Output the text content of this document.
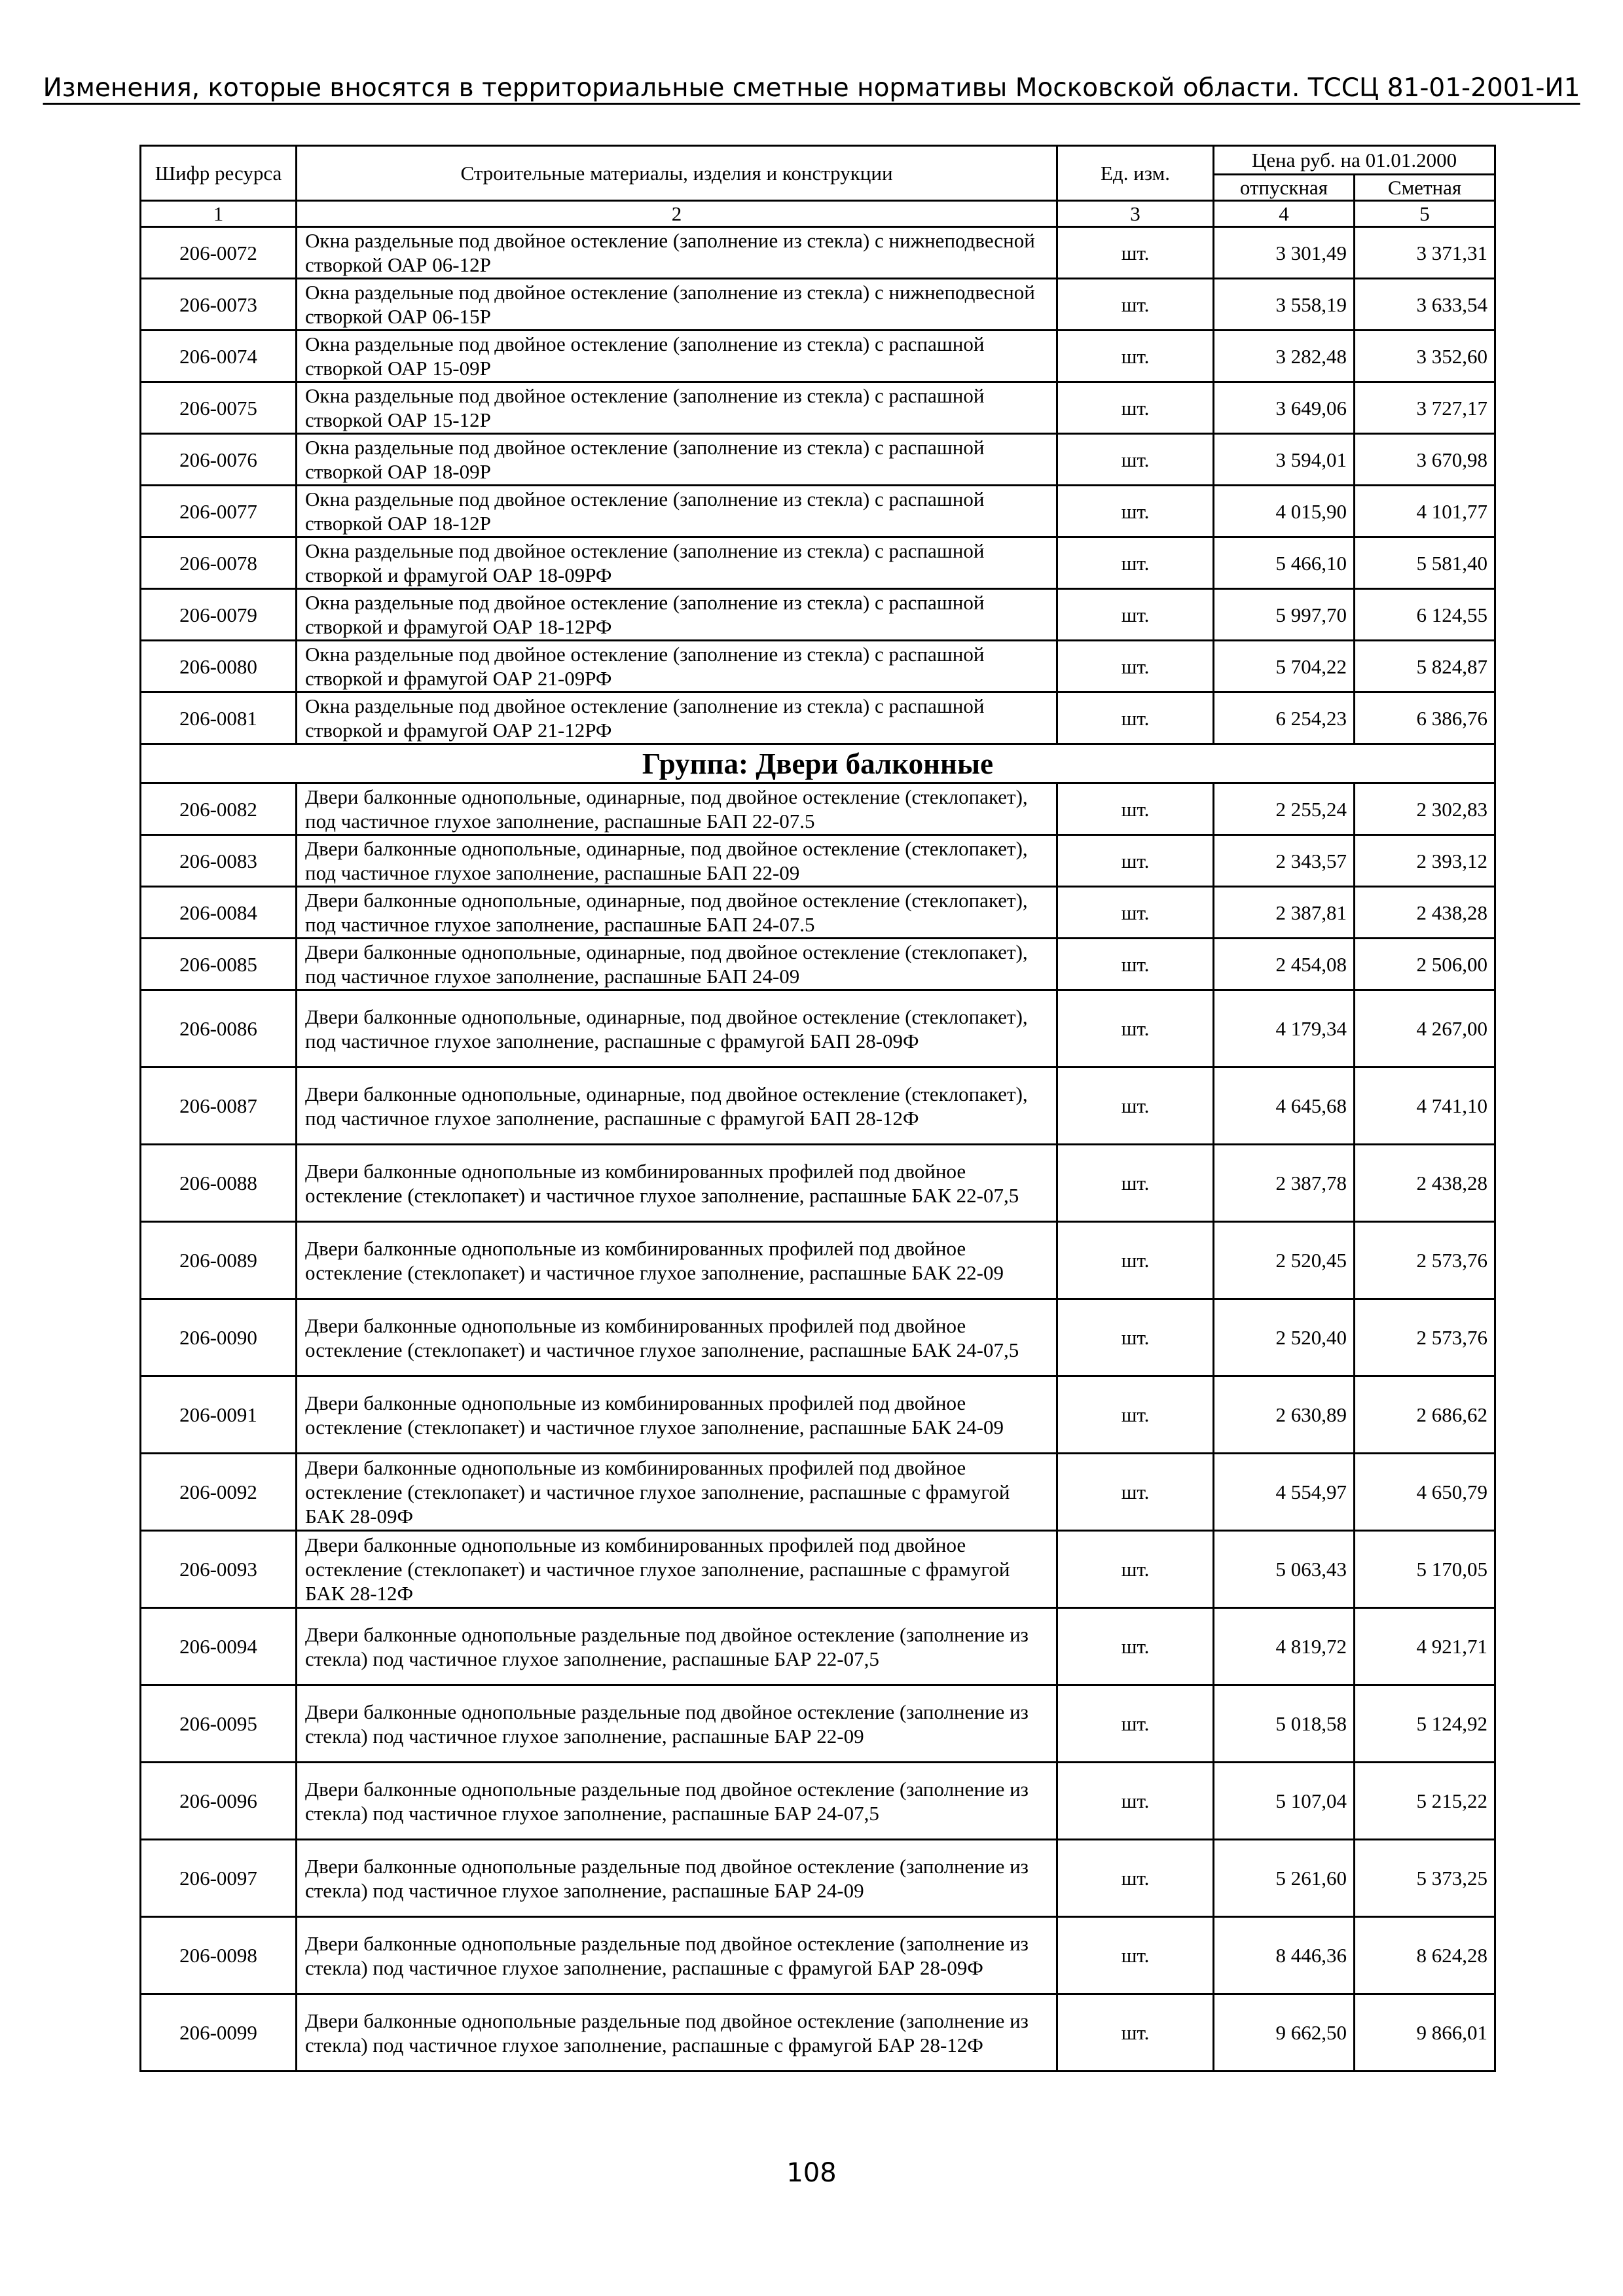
Изменения, которые вносятся в территориальные сметные нормативы Московской области. ТССЦ 81-01-2001-И1
Шифр ресурса	Строительные материалы, изделия и конструкции	Ед. изм.	Цена руб. на 01.01.2000	
			отпускная	Сметная
1	2	3	4	5
206-0072	Окна раздельные под двойное остекление (заполнение из стекла) с нижнеподвесной створкой ОАР 06-12Р	шт.	3 301,49	3 371,31
206-0073	Окна раздельные под двойное остекление (заполнение из стекла) с нижнеподвесной створкой ОАР 06-15Р	шт.	3 558,19	3 633,54
206-0074	Окна раздельные под двойное остекление (заполнение из стекла) с распашной створкой ОАР 15-09Р	шт.	3 282,48	3 352,60
206-0075	Окна раздельные под двойное остекление (заполнение из стекла) с распашной створкой ОАР 15-12Р	шт.	3 649,06	3 727,17
206-0076	Окна раздельные под двойное остекление (заполнение из стекла) с распашной створкой ОАР 18-09Р	шт.	3 594,01	3 670,98
206-0077	Окна раздельные под двойное остекление (заполнение из стекла) с распашной створкой ОАР 18-12Р	шт.	4 015,90	4 101,77
206-0078	Окна раздельные под двойное остекление (заполнение из стекла) с распашной створкой и фрамугой ОАР 18-09РФ	шт.	5 466,10	5 581,40
206-0079	Окна раздельные под двойное остекление (заполнение из стекла) с распашной створкой и фрамугой ОАР 18-12РФ	шт.	5 997,70	6 124,55
206-0080	Окна раздельные под двойное остекление (заполнение из стекла) с распашной створкой и фрамугой ОАР 21-09РФ	шт.	5 704,22	5 824,87
206-0081	Окна раздельные под двойное остекление (заполнение из стекла) с распашной створкой и фрамугой ОАР 21-12РФ	шт.	6 254,23	6 386,76
Группа: Двери балконные				
206-0082	Двери балконные однопольные, одинарные, под двойное остекление (стеклопакет), под частичное глухое заполнение, распашные БАП 22-07.5	шт.	2 255,24	2 302,83
206-0083	Двери балконные однопольные, одинарные, под двойное остекление (стеклопакет), под частичное глухое заполнение, распашные БАП 22-09	шт.	2 343,57	2 393,12
206-0084	Двери балконные однопольные, одинарные, под двойное остекление (стеклопакет), под частичное глухое заполнение, распашные БАП 24-07.5	шт.	2 387,81	2 438,28
206-0085	Двери балконные однопольные, одинарные, под двойное остекление (стеклопакет), под частичное глухое заполнение, распашные БАП 24-09	шт.	2 454,08	2 506,00
206-0086	Двери балконные однопольные, одинарные, под двойное остекление (стеклопакет), под частичное глухое заполнение, распашные с фрамугой БАП 28-09Ф	шт.	4 179,34	4 267,00
206-0087	Двери балконные однопольные, одинарные, под двойное остекление (стеклопакет), под частичное глухое заполнение, распашные с фрамугой БАП 28-12Ф	шт.	4 645,68	4 741,10
206-0088	Двери балконные однопольные из комбинированных профилей под двойное остекление (стеклопакет) и частичное глухое заполнение, распашные БАК 22-07,5	шт.	2 387,78	2 438,28
206-0089	Двери балконные однопольные из комбинированных профилей под двойное остекление (стеклопакет) и частичное глухое заполнение, распашные БАК 22-09	шт.	2 520,45	2 573,76
206-0090	Двери балконные однопольные из комбинированных профилей под двойное остекление (стеклопакет) и частичное глухое заполнение, распашные БАК 24-07,5	шт.	2 520,40	2 573,76
206-0091	Двери балконные однопольные из комбинированных профилей под двойное остекление (стеклопакет) и частичное глухое заполнение, распашные БАК 24-09	шт.	2 630,89	2 686,62
206-0092	Двери балконные однопольные из комбинированных профилей под двойное остекление (стеклопакет) и частичное глухое заполнение, распашные с фрамугой БАК 28-09Ф	шт.	4 554,97	4 650,79
206-0093	Двери балконные однопольные из комбинированных профилей под двойное остекление (стеклопакет) и частичное глухое заполнение, распашные с фрамугой БАК 28-12Ф	шт.	5 063,43	5 170,05
206-0094	Двери балконные однопольные раздельные под двойное остекление (заполнение из стекла) под частичное глухое заполнение, распашные БАР 22-07,5	шт.	4 819,72	4 921,71
206-0095	Двери балконные однопольные раздельные под двойное остекление (заполнение из стекла) под частичное глухое заполнение, распашные БАР 22-09	шт.	5 018,58	5 124,92
206-0096	Двери балконные однопольные раздельные под двойное остекление (заполнение из стекла) под частичное глухое заполнение, распашные БАР 24-07,5	шт.	5 107,04	5 215,22
206-0097	Двери балконные однопольные раздельные под двойное остекление (заполнение из стекла) под частичное глухое заполнение, распашные БАР 24-09	шт.	5 261,60	5 373,25
206-0098	Двери балконные однопольные раздельные под двойное остекление (заполнение из стекла) под частичное глухое заполнение, распашные с фрамугой БАР 28-09Ф	шт.	8 446,36	8 624,28
206-0099	Двери балконные однопольные раздельные под двойное остекление (заполнение из стекла) под частичное глухое заполнение, распашные с фрамугой БАР 28-12Ф	шт.	9 662,50	9 866,01
108
